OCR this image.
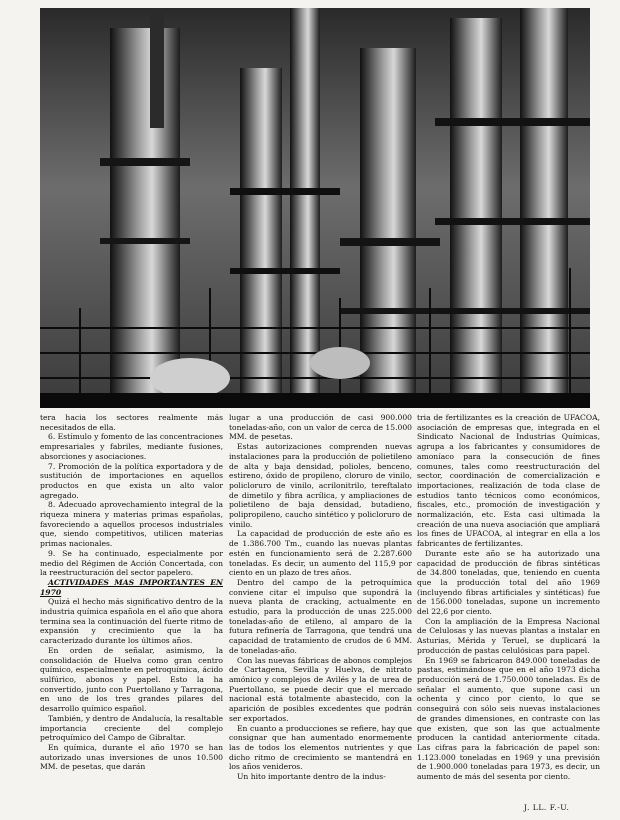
tera hacia los sectores realmente más necesitados de ella.

6. Estímulo y fomento de las concentraciones empresariales y fabriles, mediante fusiones, absorciones y asociaciones.

7. Promoción de la política exportadora y de sustitución de importaciones en aquellos productos en que exista un alto valor agregado.

8. Adecuado aprovechamiento integral de la riqueza minera y materias primas españolas, favoreciendo a aquellos procesos industriales que, siendo competitivos, utilicen materias primas nacionales.

9. Se ha continuado, especialmente por medio del Régimen de Acción Concertada, con la reestructuración del sector papelero.

ACTIVIDADES MAS IMPORTANTES EN 1970

Quizá el hecho más significativo dentro de la industria química española en el año que ahora termina sea la continuación del fuerte ritmo de expansión y crecimiento que la ha caracterizado durante los últimos años.

En orden de señalar, asimismo, la consolidación de Huelva como gran centro químico, especialmente en petroquímica, ácido sulfúrico, abonos y papel. Esto la ha convertido, junto con Puertollano y Tarragona, en uno de los tres grandes pilares del desarrollo químico español.

También, y dentro de Andalucía, la resaltable importancia creciente del complejo petroquímico del Campo de Gibraltar.

En química, durante el año 1970 se han autorizado unas inversiones de unos 10.500 MM. de pesetas, que darán

lugar a una producción de casi 900.000 toneladas-año, con un valor de cerca de 15.000 MM. de pesetas.

Estas autorizaciones comprenden nuevas instalaciones para la producción de polietileno de alta y baja densidad, polioles, benceno, estireno, óxido de propileno, cloruro de vinilo, policloruro de vinilo, acrilonitrilo, tereftalato de dimetilo y fibra acrílica, y ampliaciones de polietileno de baja densidad, butadieno, polipropileno, caucho sintético y policloruro de vinilo.

La capacidad de producción de este año es de 1.386.700 Tm., cuando las nuevas plantas estén en funcionamiento será de 2.287.600 toneladas. Es decir, un aumento del 115,9 por ciento en un plazo de tres años.

Dentro del campo de la petroquímica conviene citar el impulso que supondrá la nueva planta de cracking, actualmente en estudio, para la producción de unas 225.000 toneladas-año de etileno, al amparo de la futura refinería de Tarragona, que tendrá una capacidad de tratamiento de crudos de 6 MM. de toneladas-año.

Con las nuevas fábricas de abonos complejos de Cartagena, Sevilla y Huelva, de nitrato amónico y complejos de Avilés y la de urea de Puertollano, se puede decir que el mercado nacional está totalmente abastecido, con la aparición de posibles excedentes que podrán ser exportados.

En cuanto a producciones se refiere, hay que consignar que han aumentado enormemente las de todos los elementos nutrientes y que dicho ritmo de crecimiento se mantendrá en los años venideros.

Un hito importante dentro de la indus-

tria de fertilizantes es la creación de UFACOA, asociación de empresas que, integrada en el Sindicato Nacional de Industrias Químicas, agrupa a los fabricantes y consumidores de amoníaco para la consecución de fines comunes, tales como reestructuración del sector, coordinación de comercialización e importaciones, realización de toda clase de estudios tanto técnicos como económicos, fiscales, etc., promoción de investigación y normalización, etc. Esta casi ultimada la creación de una nueva asociación que ampliará los fines de UFACOA, al integrar en ella a los fabricantes de fertilizantes.

Durante este año se ha autorizado una capacidad de producción de fibras sintéticas de 34.800 toneladas, que, teniendo en cuenta que la producción total del año 1969 (incluyendo fibras artificiales y sintéticas) fue de 156.000 toneladas, supone un incremento del 22,6 por ciento.

Con la ampliación de la Empresa Nacional de Celulosas y las nuevas plantas a instalar en Asturias, Mérida y Teruel, se duplicará la producción de pastas celulósicas para papel.

En 1969 se fabricaron 849.000 toneladas de pastas, estimándose que en el año 1973 dicha producción será de 1.750.000 toneladas. Es de señalar el aumento, que supone casi un ochenta y cinco por ciento, lo que se conseguirá con sólo seis nuevas instalaciones de grandes dimensiones, en contraste con las que existen, que son las que actualmente producen la cantidad anteriormente citada. Las cifras para la fabricación de papel son: 1.123.000 toneladas en 1969 y una previsión de 1.900.000 toneladas para 1973, es decir, un aumento de más del sesenta por ciento.

J. LL. F.-U.
